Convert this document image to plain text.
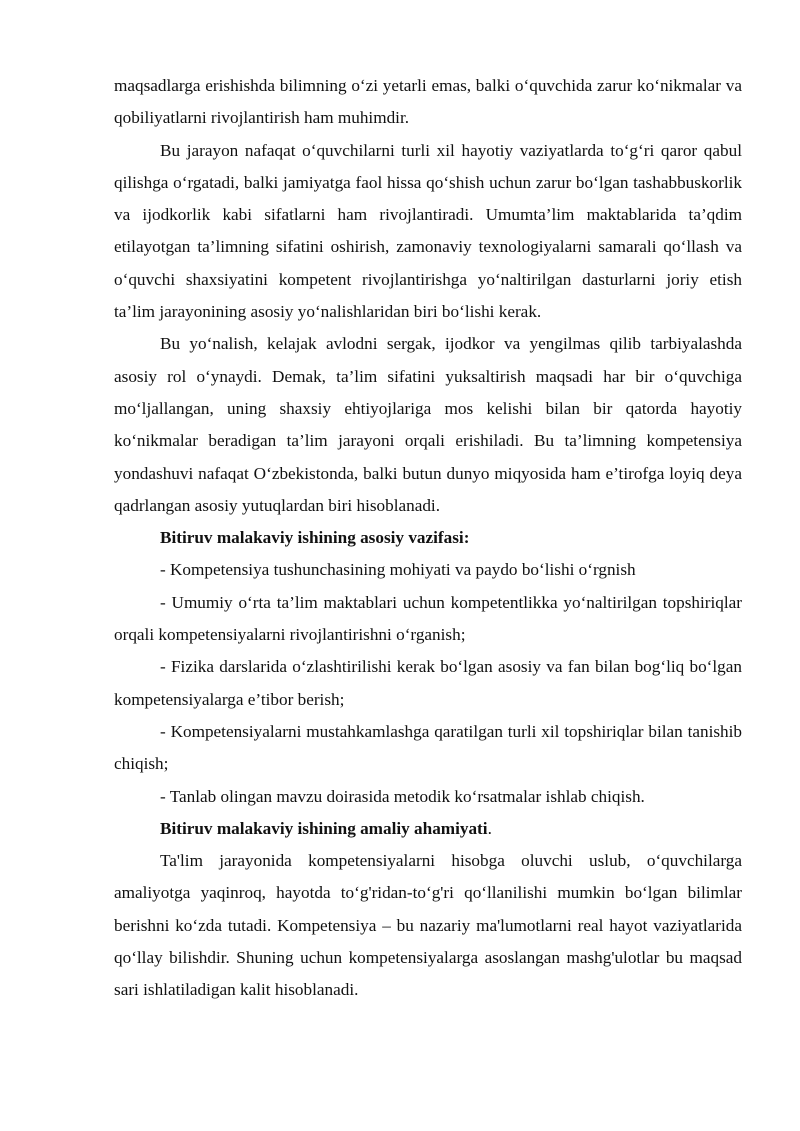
maqsadlarga erishishda bilimning o‘zi yetarli emas, balki o‘quvchida zarur ko‘nikmalar va qobiliyatlarni rivojlantirish ham muhimdir.

Bu jarayon nafaqat o‘quvchilarni turli xil hayotiy vaziyatlarda to‘g‘ri qaror qabul qilishga o‘rgatadi, balki jamiyatga faol hissa qo‘shish uchun zarur bo‘lgan tashabbuskorlik va ijodkorlik kabi sifatlarni ham rivojlantiradi. Umumta’lim maktablarida ta’qdim etilayotgan ta’limning sifatini oshirish, zamonaviy texnologiyalarni samarali qo‘llash va o‘quvchi shaxsiyatini kompetent rivojlantirishga yo‘naltirilgan dasturlarni joriy etish ta’lim jarayonining asosiy yo‘nalishlaridan biri bo‘lishi kerak.

Bu yo‘nalish, kelajak avlodni sergak, ijodkor va yengilmas qilib tarbiyalashda asosiy rol o‘ynaydi. Demak, ta’lim sifatini yuksaltirish maqsadi har bir o‘quvchiga mo‘ljallangan, uning shaxsiy ehtiyojlariga mos kelishi bilan bir qatorda hayotiy ko‘nikmalar beradigan ta’lim jarayoni orqali erishiladi. Bu ta’limning kompetensiya yondashuvi nafaqat O‘zbekistonda, balki butun dunyo miqyosida ham e’tirofga loyiq deya qadrlangan asosiy yutuqlardan biri hisoblanadi.

Bitiruv malakaviy ishining asosiy vazifasi:

- Kompetensiya tushunchasining mohiyati va paydo bo‘lishi o‘rgnish

- Umumiy o‘rta ta’lim maktablari uchun kompetentlikka yo‘naltirilgan topshiriqlar orqali kompetensiyalarni rivojlantirishni o‘rganish;

- Fizika darslarida o‘zlashtirilishi kerak bo‘lgan asosiy va fan bilan bog‘liq bo‘lgan kompetensiyalarga e’tibor berish;

- Kompetensiyalarni mustahkamlashga qaratilgan turli xil topshiriqlar bilan tanishib chiqish;

- Tanlab olingan mavzu doirasida metodik ko‘rsatmalar ishlab chiqish.

Bitiruv malakaviy ishining amaliy ahamiyati.

Ta'lim jarayonida kompetensiyalarni hisobga oluvchi uslub, o‘quvchilarga amaliyotga yaqinroq, hayotda to‘g'ridan-to‘g'ri qo‘llanilishi mumkin bo‘lgan bilimlar berishni ko‘zda tutadi. Kompetensiya – bu nazariy ma'lumotlarni real hayot vaziyatlarida qo‘llay bilishdir. Shuning uchun kompetensiyalarga asoslangan mashg'ulotlar bu maqsad sari ishlatiladigan kalit hisoblanadi.
